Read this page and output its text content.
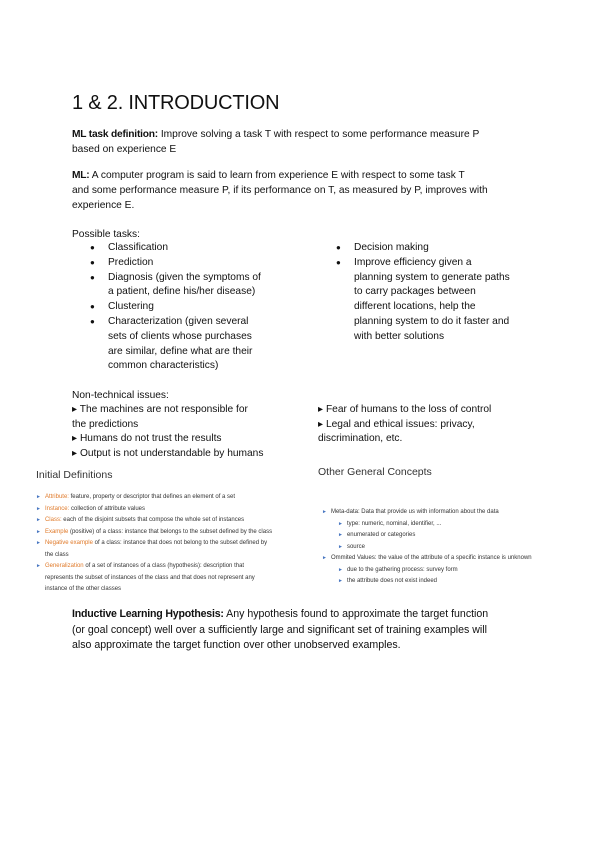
1 & 2. INTRODUCTION
ML task definition: Improve solving a task T with respect to some performance measure P
based on experience E
ML: A computer program is said to learn from experience E with respect to some task T
and some performance measure P, if its performance on T, as measured by P, improves with
experience E.
Possible tasks:
● Classification
● Prediction
● Diagnosis (given the symptoms of
a patient, define his/her disease)
● Clustering
● Characterization (given several
sets of clients whose purchases
are similar, define what are their
common characteristics)
● Decision making
● Improve efficiency given a
planning system to generate paths
to carry packages between
different locations, help the
planning system to do it faster and
with better solutions
Non-technical issues:
▸ The machines are not responsible for
the predictions
▸ Humans do not trust the results
▸ Output is not understandable by humans
▸ Fear of humans to the loss of control
▸ Legal and ethical issues: privacy,
discrimination, etc.
Initial Definitions
► Attribute: feature, property or descriptor that defines an element of a set
► Instance: collection of attribute values
► Class: each of the disjoint subsets that compose the whole set of instances
► Example (positive) of a class: instance that belongs to the subset defined by the class
► Negative example of a class: instance that does not belong to the subset defined by
the class
► Generalization of a set of instances of a class (hypothesis): description that
represents the subset of instances of the class and that does not represent any
instance of the other classes
Other General Concepts
► Meta-data: Data that provide us with information about the data
► type: numeric, nominal, identifier, ...
► enumerated or categories
► source
► Ommited Values: the value of the attribute of a specific instance is unknown
► due to the gathering process: survey form
► the attribute does not exist indeed
Inductive Learning Hypothesis: Any hypothesis found to approximate the target function
(or goal concept) well over a sufficiently large and significant set of training examples will
also approximate the target function over other unobserved examples.
